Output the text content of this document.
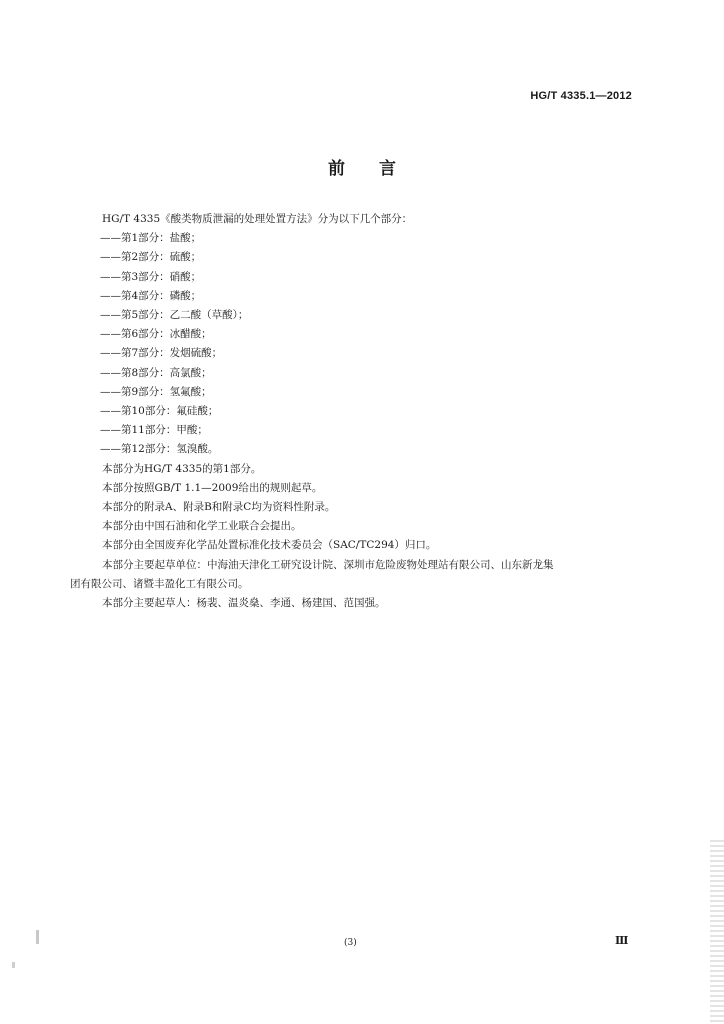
HG/T 4335.1—2012
前言
HG/T 4335《酸类物质泄漏的处理处置方法》分为以下几个部分：
——第1部分：盐酸；
——第2部分：硫酸；
——第3部分：硝酸；
——第4部分：磷酸；
——第5部分：乙二酸（草酸）；
——第6部分：冰醋酸；
——第7部分：发烟硫酸；
——第8部分：高氯酸；
——第9部分：氢氟酸；
——第10部分：氟硅酸；
——第11部分：甲酸；
——第12部分：氢溴酸。
本部分为HG/T 4335的第1部分。
本部分按照GB/T 1.1—2009给出的规则起草。
本部分的附录A、附录B和附录C均为资料性附录。
本部分由中国石油和化学工业联合会提出。
本部分由全国废弃化学品处置标准化技术委员会（SAC/TC294）归口。
本部分主要起草单位：中海油天津化工研究设计院、深圳市危险废物处理站有限公司、山东新龙集
团有限公司、诸暨丰盈化工有限公司。
本部分主要起草人：杨裴、温炎燊、李通、杨建国、范国强。
(3)	Ⅲ
